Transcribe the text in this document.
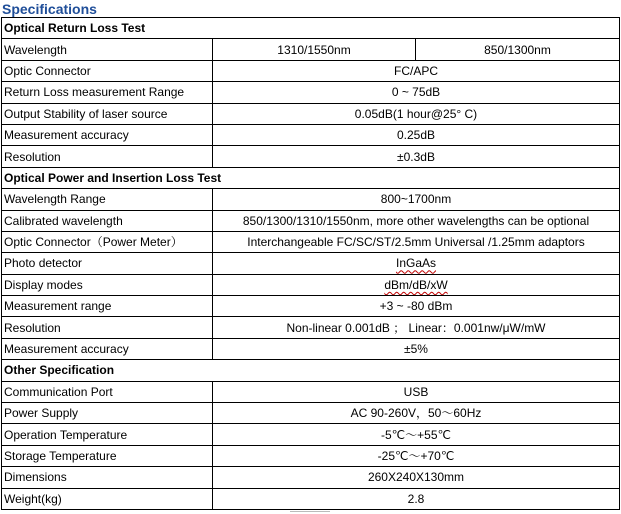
Specifications
Optical Return Loss Test		
Wavelength	1310/1550nm	850/1300nm
Optic Connector	FC/APC	
Return Loss measurement Range	0 ~ 75dB	
Output Stability of laser source	0.05dB(1 hour@25° C)	
Measurement accuracy	0.25dB	
Resolution	±0.3dB	
Optical Power and Insertion Loss Test		
Wavelength Range	800~1700nm	
Calibrated wavelength	850/1300/1310/1550nm, more other wavelengths can be optional	
Optic Connector（Power Meter）	Interchangeable FC/SC/ST/2.5mm Universal /1.25mm adaptors	
Photo detector	InGaAs	
Display modes	dBm/dB/xW	
Measurement range	+3 ~ -80 dBm	
Resolution	Non-linear 0.001dB ； Linear：0.001nw/μW/mW	
Measurement accuracy	±5%	
Other Specification		
Communication Port	USB	
Power Supply	AC 90-260V，50～60Hz	
Operation Temperature	-5℃～+55℃	
Storage Temperature	-25℃～+70℃	
Dimensions	260X240X130mm	
Weight(kg)	2.8	
